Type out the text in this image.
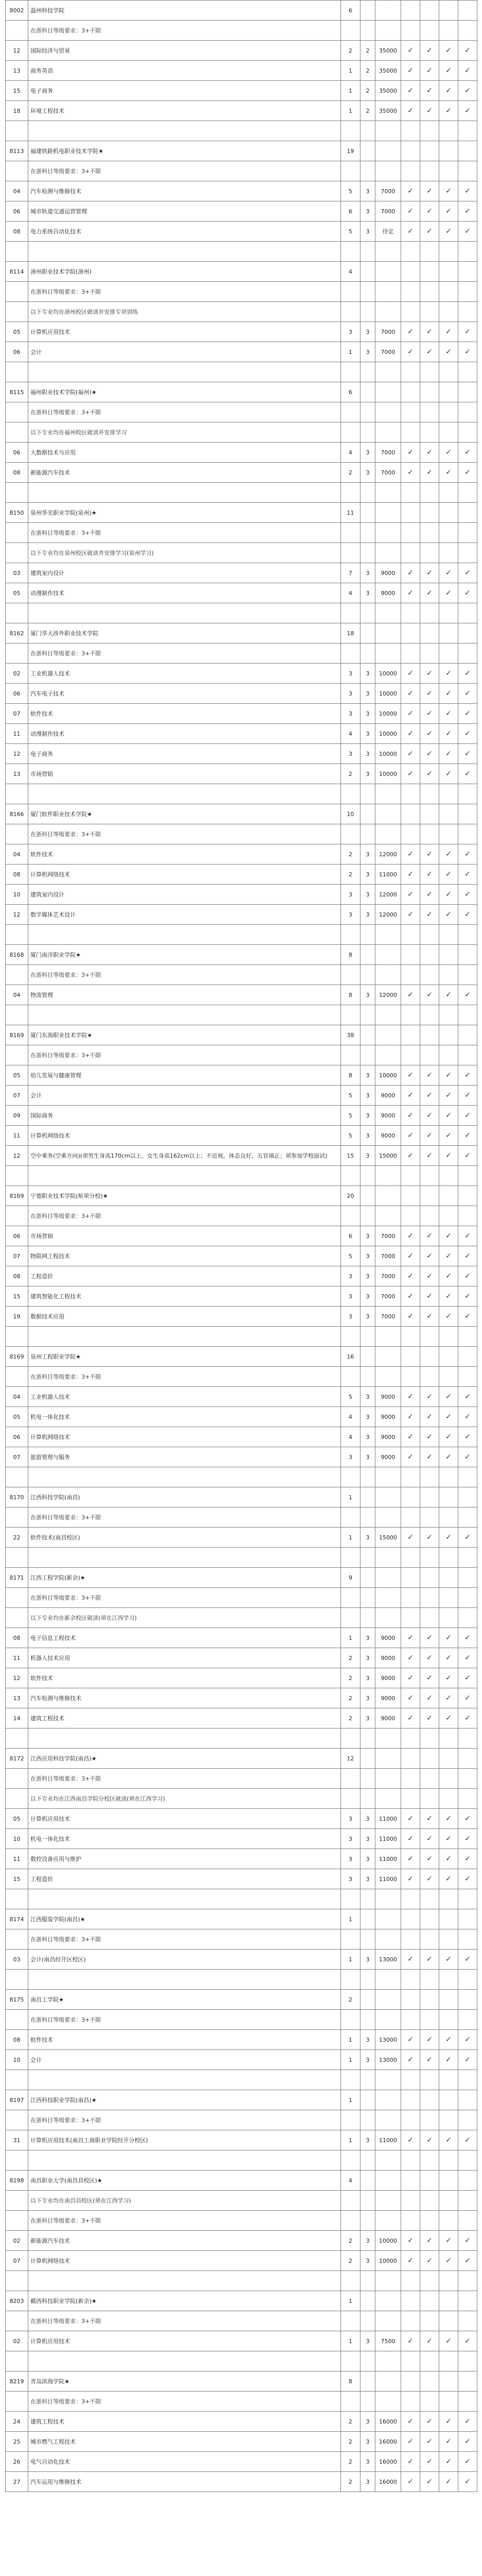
8002	温州科技学院	6						
	在浙科目等级要求：3+不限							
12	国际经济与贸易	2	2	35000	✓	✓	✓	✓
13	商务英语	1	2	35000	✓	✓	✓	✓
15	电子商务	1	2	35000	✓	✓	✓	✓
18	环境工程技术	1	2	35000	✓	✓	✓	✓

8113	福建铁路机电职业技术学院★	19						
	在浙科目等级要求：3+不限							
04	汽车检测与维修技术	5	3	7000	✓	✓	✓	✓
06	城市轨道交通运营管理	6	3	7000	✓	✓	✓	✓
08	电力系统自动化技术	5	3	待定	✓	✓	✓	✓

8114	漳州职业技术学院(漳州)	4						
	在浙科目等级要求：3+不限							
	以下专业均在漳州校区就读并安排专项训练							
05	计算机应用技术	3	3	7000	✓	✓	✓	✓
06	会计	1	3	7000	✓	✓	✓	✓

8115	福州职业技术学院(福州)★	6						
	在浙科目等级要求：3+不限							
	以下专业均在福州校区就读并安排学习							
06	大数据技术与应用	4	3	7000	✓	✓	✓	✓
08	新能源汽车技术	2	3	7000	✓	✓	✓	✓

8150	泉州华光职业学院(泉州)★	11						
	在浙科目等级要求：3+不限							
	以下专业均在泉州校区就读并安排学习(泉州学习)							
03	建筑室内设计	7	3	9000	✓	✓	✓	✓
05	动漫制作技术	4	3	9000	✓	✓	✓	✓

8162	厦门华天涉外职业技术学院	18						
	在浙科目等级要求：3+不限							
02	工业机器人技术	3	3	10000	✓	✓	✓	✓
06	汽车电子技术	3	3	10000	✓	✓	✓	✓
07	软件技术	3	3	10000	✓	✓	✓	✓
11	动漫制作技术	4	3	10000	✓	✓	✓	✓
12	电子商务	3	3	10000	✓	✓	✓	✓
13	市场营销	2	3	10000	✓	✓	✓	✓

8166	厦门软件职业技术学院★	10						
	在浙科目等级要求：3+不限							
04	软件技术	2	3	12000	✓	✓	✓	✓
08	计算机网络技术	2	3	11000	✓	✓	✓	✓
10	建筑室内设计	3	3	12000	✓	✓	✓	✓
12	数字媒体艺术设计	3	3	12000	✓	✓	✓	✓

8168	厦门南洋职业学院★	8						
	在浙科目等级要求：3+不限							
04	物流管理	8	3	12000	✓	✓	✓	✓

8169	厦门东海职业技术学院★	38						
	在浙科目等级要求：3+不限							
05	幼儿发展与健康管理	8	3	10000	✓	✓	✓	✓
07	会计	5	3	9000	✓	✓	✓	✓
09	国际商务	5	3	9000	✓	✓	✓	✓
11	计算机网络技术	5	3	9000	✓	✓	✓	✓
12	空中乘务(空乘方向)(须男生身高170cm以上、女生身高162cm以上；不近视，体态良好，五官端正；须参加学校面试)	15	3	15000	✓	✓	✓	✓

8169	宁德职业技术学院(柘荣分校)★	20						
	在浙科目等级要求：3+不限							
06	市场营销	6	3	7000	✓	✓	✓	✓
07	物联网工程技术	5	3	7000	✓	✓	✓	✓
08	工程造价	3	3	7000	✓	✓	✓	✓
15	建筑智能化工程技术	3	3	7000	✓	✓	✓	✓
19	数据技术应用	3	3	7000	✓	✓	✓	✓

8169	泉州工程职业学院★	16						
	在浙科目等级要求：3+不限							
04	工业机器人技术	5	3	9000	✓	✓	✓	✓
05	机电一体化技术	4	3	9000	✓	✓	✓	✓
06	计算机网络技术	4	3	9000	✓	✓	✓	✓
07	旅游管理与服务	3	3	9000	✓	✓	✓	✓

8170	江西科技学院(南昌)	1						
	在浙科目等级要求：3+不限							
22	软件技术(南昌校区)	1	3	15000	✓	✓	✓	✓

8171	江西工程学院(新余)★	9						
	在浙科目等级要求：3+不限							
	以下专业均在新余校区就读(须在江西学习)							
08	电子信息工程技术	1	3	9000	✓	✓	✓	✓
11	机器人技术应用	2	3	9000	✓	✓	✓	✓
12	软件技术	2	3	9000	✓	✓	✓	✓
13	汽车检测与维修技术	2	3	9000	✓	✓	✓	✓
14	建筑工程技术	2	3	9000	✓	✓	✓	✓

8172	江西应用科技学院(南昌)★	12						
	在浙科目等级要求：3+不限							
	以下专业均在江西南昌学院分校区就读(须在江西学习)							
05	计算机应用技术	3	3	11000	✓	✓	✓	✓
10	机电一体化技术	3	3	11000	✓	✓	✓	✓
11	数控设备应用与维护	3	3	11000	✓	✓	✓	✓
15	工程造价	3	3	11000	✓	✓	✓	✓

8174	江西服装学院(南昌)★	1						
	在浙科目等级要求：3+不限							
03	会计(南昌经开区校区)	1	3	13000	✓	✓	✓	✓

8175	南昌工学院★	2						
	在浙科目等级要求：3+不限							
08	软件技术	1	3	13000	✓	✓	✓	✓
10	会计	1	3	13000	✓	✓	✓	✓

8197	江西科技职业学院(南昌)★	1						
	在浙科目等级要求：3+不限							
31	计算机应用技术(南昌工商职业学院经开分校区)	1	3	11000	✓	✓	✓	✓

8198	南昌职业大学(南昌县校区)★	4						
	以下专业均在南昌县校区(须在江西学习)							
	在浙科目等级要求：3+不限							
02	新能源汽车技术	2	3	10000	✓	✓	✓	✓
07	计算机网络技术	2	3	10000	✓	✓	✓	✓

8203	赣西科技职业学院(新余)★	1						
	在浙科目等级要求：3+不限							
02	计算机应用技术	1	3	7500	✓	✓	✓	✓

8219	青岛滨海学院★	8						
	在浙科目等级要求：3+不限							
24	建筑工程技术	2	3	16000	✓	✓	✓	✓
25	城市燃气工程技术	2	3	16000	✓	✓	✓	✓
26	电气自动化技术	2	3	16000	✓	✓	✓	✓
27	汽车运用与维修技术	2	3	16000	✓	✓	✓	✓
